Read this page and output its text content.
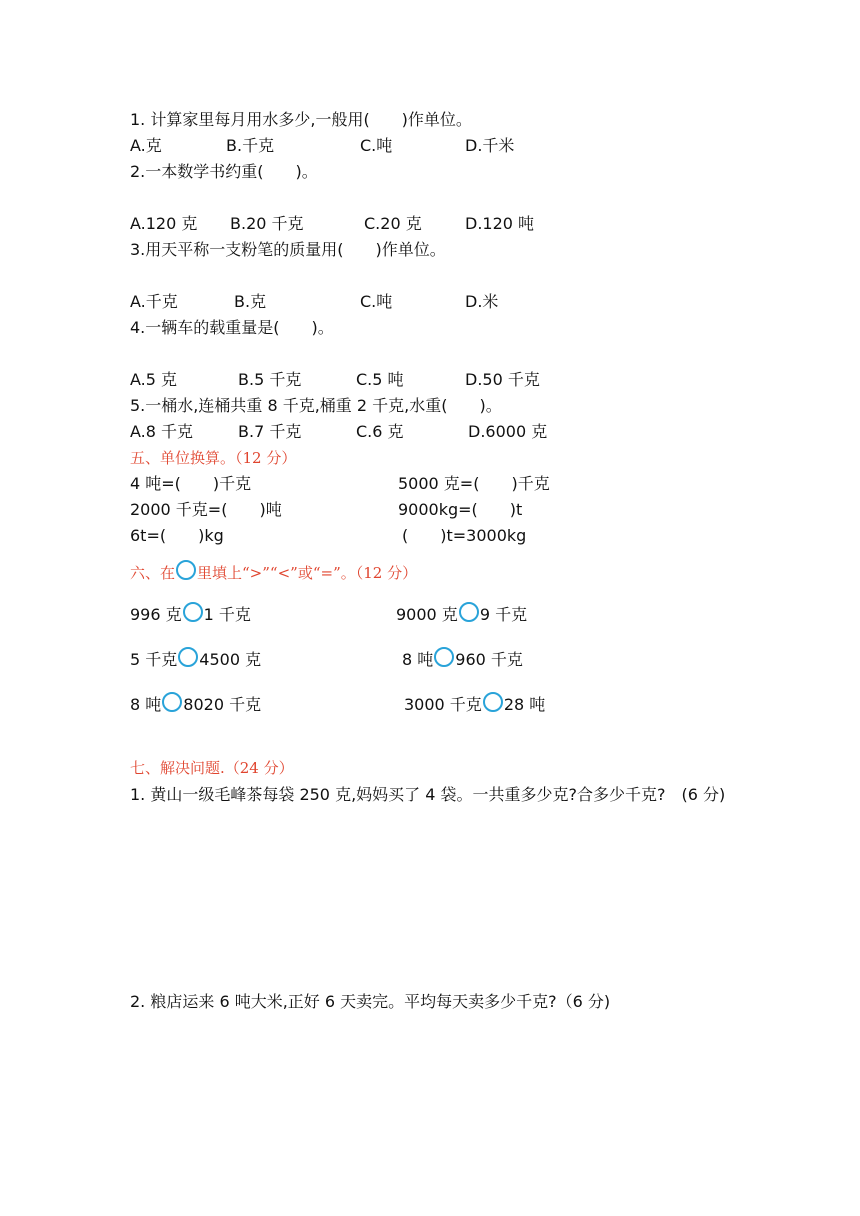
1. 计算家里每月用水多少,一般用(　　)作单位。
A.克	B.千克	C.吨	D.千米
2.一本数学书约重(　　)。
A.120 克 B.20 千克	C.20 克	D.120 吨
3.用天平称一支粉笔的质量用(　　)作单位。
A.千克	B.克	C.吨	D.米
4.一辆车的载重量是(　　)。
A.5 克	B.5 千克	C.5 吨	D.50 千克
5.一桶水,连桶共重 8 千克,桶重 2 千克,水重(　　)。
A.8 千克	B.7 千克	C.6 克	D.6000 克
五、单位换算。（12 分）
4 吨=(　　)千克	5000 克=(　　)千克
2000 千克=(　　)吨	9000kg=(　　)t
6t=(　　)kg	(　　)t=3000kg
六、在 里填上“>”“<”或“=”。（12 分）
996 克 1 千克	9000 克 9 千克
5 千克 4500 克	8 吨 960 千克
8 吨 8020 千克	3000 千克 28 吨
七、解决问题.（24 分）
1. 黄山一级毛峰茶每袋 250 克,妈妈买了 4 袋。一共重多少克?合多少千克?　(6 分)
2. 粮店运来 6 吨大米,正好 6 天卖完。平均每天卖多少千克?（6 分)
